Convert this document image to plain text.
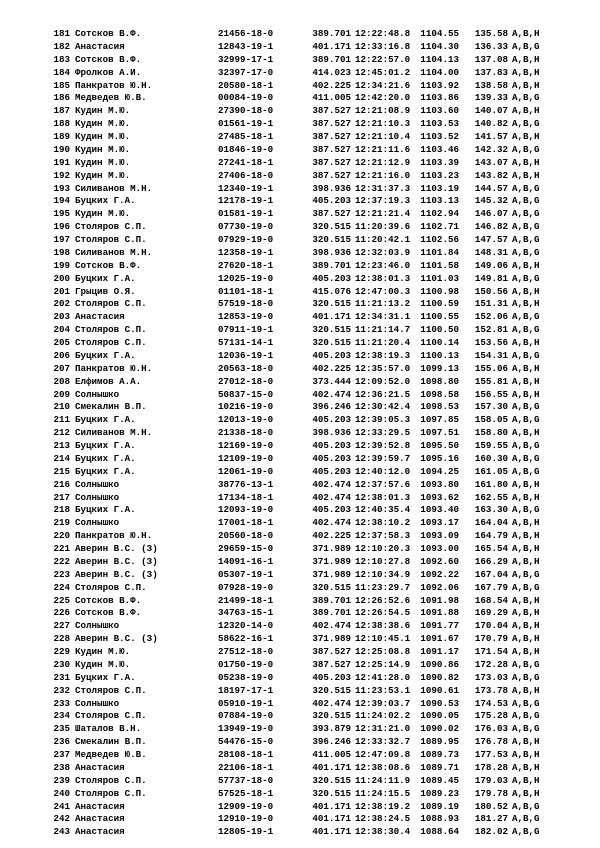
181 Сотсков В.Ф.	21456-18-0	389.701 12:22:48.8	1104.55	135.58 A,B,H
182 Анастасия	12843-19-1	401.171 12:33:16.8	1104.30	136.33 A,B,G
183 Сотсков В.Ф.	32999-17-1	389.701 12:22:57.0	1104.13	137.08 A,B,H
184 Фролков А.И.	32397-17-0	414.023 12:45:01.2	1104.00	137.83 A,B,H
185 Панкратов Ю.Н.	20580-18-1	402.225 12:34:21.6	1103.92	138.58 A,B,H
186 Медведев Ю.В.	00084-19-0	411.005 12:42:20.0	1103.86	139.33 A,B,G
187 Кудин М.Ю.	27390-18-0	387.527 12:21:08.9	1103.60	140.07 A,B,H
188 Кудин М.Ю.	01561-19-1	387.527 12:21:10.3	1103.53	140.82 A,B,G
189 Кудин М.Ю.	27485-18-1	387.527 12:21:10.4	1103.52	141.57 A,B,H
190 Кудин М.Ю.	01846-19-0	387.527 12:21:11.6	1103.46	142.32 A,B,G
191 Кудин М.Ю.	27241-18-1	387.527 12:21:12.9	1103.39	143.07 A,B,H
192 Кудин М.Ю.	27406-18-0	387.527 12:21:16.0	1103.23	143.82 A,B,H
193 Силиванов М.Н.	12340-19-1	398.936 12:31:37.3	1103.19	144.57 A,B,G
194 Буцких Г.А.	12178-19-1	405.203 12:37:19.3	1103.13	145.32 A,B,G
195 Кудин М.Ю.	01581-19-1	387.527 12:21:21.4	1102.94	146.07 A,B,G
196 Столяров С.П.	07730-19-0	320.515 11:20:39.6	1102.71	146.82 A,B,G
197 Столяров С.П.	07929-19-0	320.515 11:20:42.1	1102.56	147.57 A,B,G
198 Силиванов М.Н.	12358-19-1	398.936 12:32:03.9	1101.84	148.31 A,B,G
199 Сотсков В.Ф.	27620-18-1	389.701 12:23:46.0	1101.58	149.06 A,B,H
200 Буцких Г.А.	12025-19-0	405.203 12:38:01.3	1101.03	149.81 A,B,G
201 Грыцив О.Я.	01101-18-1	415.076 12:47:00.3	1100.98	150.56 A,B,H
202 Столяров С.П.	57519-18-0	320.515 11:21:13.2	1100.59	151.31 A,B,H
203 Анастасия	12853-19-0	401.171 12:34:31.1	1100.55	152.06 A,B,G
204 Столяров С.П.	07911-19-1	320.515 11:21:14.7	1100.50	152.81 A,B,G
205 Столяров С.П.	57131-14-1	320.515 11:21:20.4	1100.14	153.56 A,B,H
206 Буцких Г.А.	12036-19-1	405.203 12:38:19.3	1100.13	154.31 A,B,G
207 Панкратов Ю.Н.	20563-18-0	402.225 12:35:57.0	1099.13	155.06 A,B,H
208 Елфимов А.А.	27012-18-0	373.444 12:09:52.0	1098.80	155.81 A,B,H
209 Солнышко	50837-15-0	402.474 12:36:21.5	1098.58	156.55 A,B,H
210 Смекалин В.П.	10216-19-0	396.246 12:30:42.4	1098.53	157.30 A,B,G
211 Буцких Г.А.	12013-19-0	405.203 12:39:05.3	1097.85	158.05 A,B,G
212 Силиванов М.Н.	21338-18-0	398.936 12:33:29.5	1097.51	158.80 A,B,H
213 Буцких Г.А.	12169-19-0	405.203 12:39:52.8	1095.50	159.55 A,B,G
214 Буцких Г.А.	12109-19-0	405.203 12:39:59.7	1095.16	160.30 A,B,G
215 Буцких Г.А.	12061-19-0	405.203 12:40:12.0	1094.25	161.05 A,B,G
216 Солнышко	38776-13-1	402.474 12:37:57.6	1093.80	161.80 A,B,H
217 Солнышко	17134-18-1	402.474 12:38:01.3	1093.62	162.55 A,B,H
218 Буцких Г.А.	12093-19-0	405.203 12:40:35.4	1093.40	163.30 A,B,G
219 Солнышко	17001-18-1	402.474 12:38:10.2	1093.17	164.04 A,B,H
220 Панкратов Ю.Н.	20560-18-0	402.225 12:37:58.3	1093.09	164.79 A,B,H
221 Аверин В.С. (З)	29659-15-0	371.989 12:10:20.3	1093.00	165.54 A,B,H
222 Аверин В.С. (З)	14091-16-1	371.989 12:10:27.8	1092.60	166.29 A,B,H
223 Аверин В.С. (З)	05307-19-1	371.989 12:10:34.9	1092.22	167.04 A,B,G
224 Столяров С.П.	07928-19-0	320.515 11:23:29.7	1092.06	167.79 A,B,G
225 Сотсков В.Ф.	21499-18-1	389.701 12:26:52.6	1091.98	168.54 A,B,H
226 Сотсков В.Ф.	34763-15-1	389.701 12:26:54.5	1091.88	169.29 A,B,H
227 Солнышко	12320-14-0	402.474 12:38:38.6	1091.77	170.04 A,B,H
228 Аверин В.С. (З)	58622-16-1	371.989 12:10:45.1	1091.67	170.79 A,B,H
229 Кудин М.Ю.	27512-18-0	387.527 12:25:08.8	1091.17	171.54 A,B,H
230 Кудин М.Ю.	01750-19-0	387.527 12:25:14.9	1090.86	172.28 A,B,G
231 Буцких Г.А.	05238-19-0	405.203 12:41:28.0	1090.82	173.03 A,B,G
232 Столяров С.П.	18197-17-1	320.515 11:23:53.1	1090.61	173.78 A,B,H
233 Солнышко	05910-19-1	402.474 12:39:03.7	1090.53	174.53 A,B,G
234 Столяров С.П.	07884-19-0	320.515 11:24:02.2	1090.05	175.28 A,B,G
235 Шаталов В.Н.	13949-19-0	393.879 12:31:21.0	1090.02	176.03 A,B,G
236 Смекалин В.П.	54476-15-0	396.246 12:33:32.7	1089.95	176.78 A,B,H
237 Медведев Ю.В.	28108-18-1	411.005 12:47:09.8	1089.73	177.53 A,B,H
238 Анастасия	22106-18-1	401.171 12:38:08.6	1089.71	178.28 A,B,H
239 Столяров С.П.	57737-18-0	320.515 11:24:11.9	1089.45	179.03 A,B,H
240 Столяров С.П.	57525-18-1	320.515 11:24:15.5	1089.23	179.78 A,B,H
241 Анастасия	12909-19-0	401.171 12:38:19.2	1089.19	180.52 A,B,G
242 Анастасия	12910-19-0	401.171 12:38:24.5	1088.93	181.27 A,B,G
243 Анастасия	12805-19-1	401.171 12:38:30.4	1088.64	182.02 A,B,G
